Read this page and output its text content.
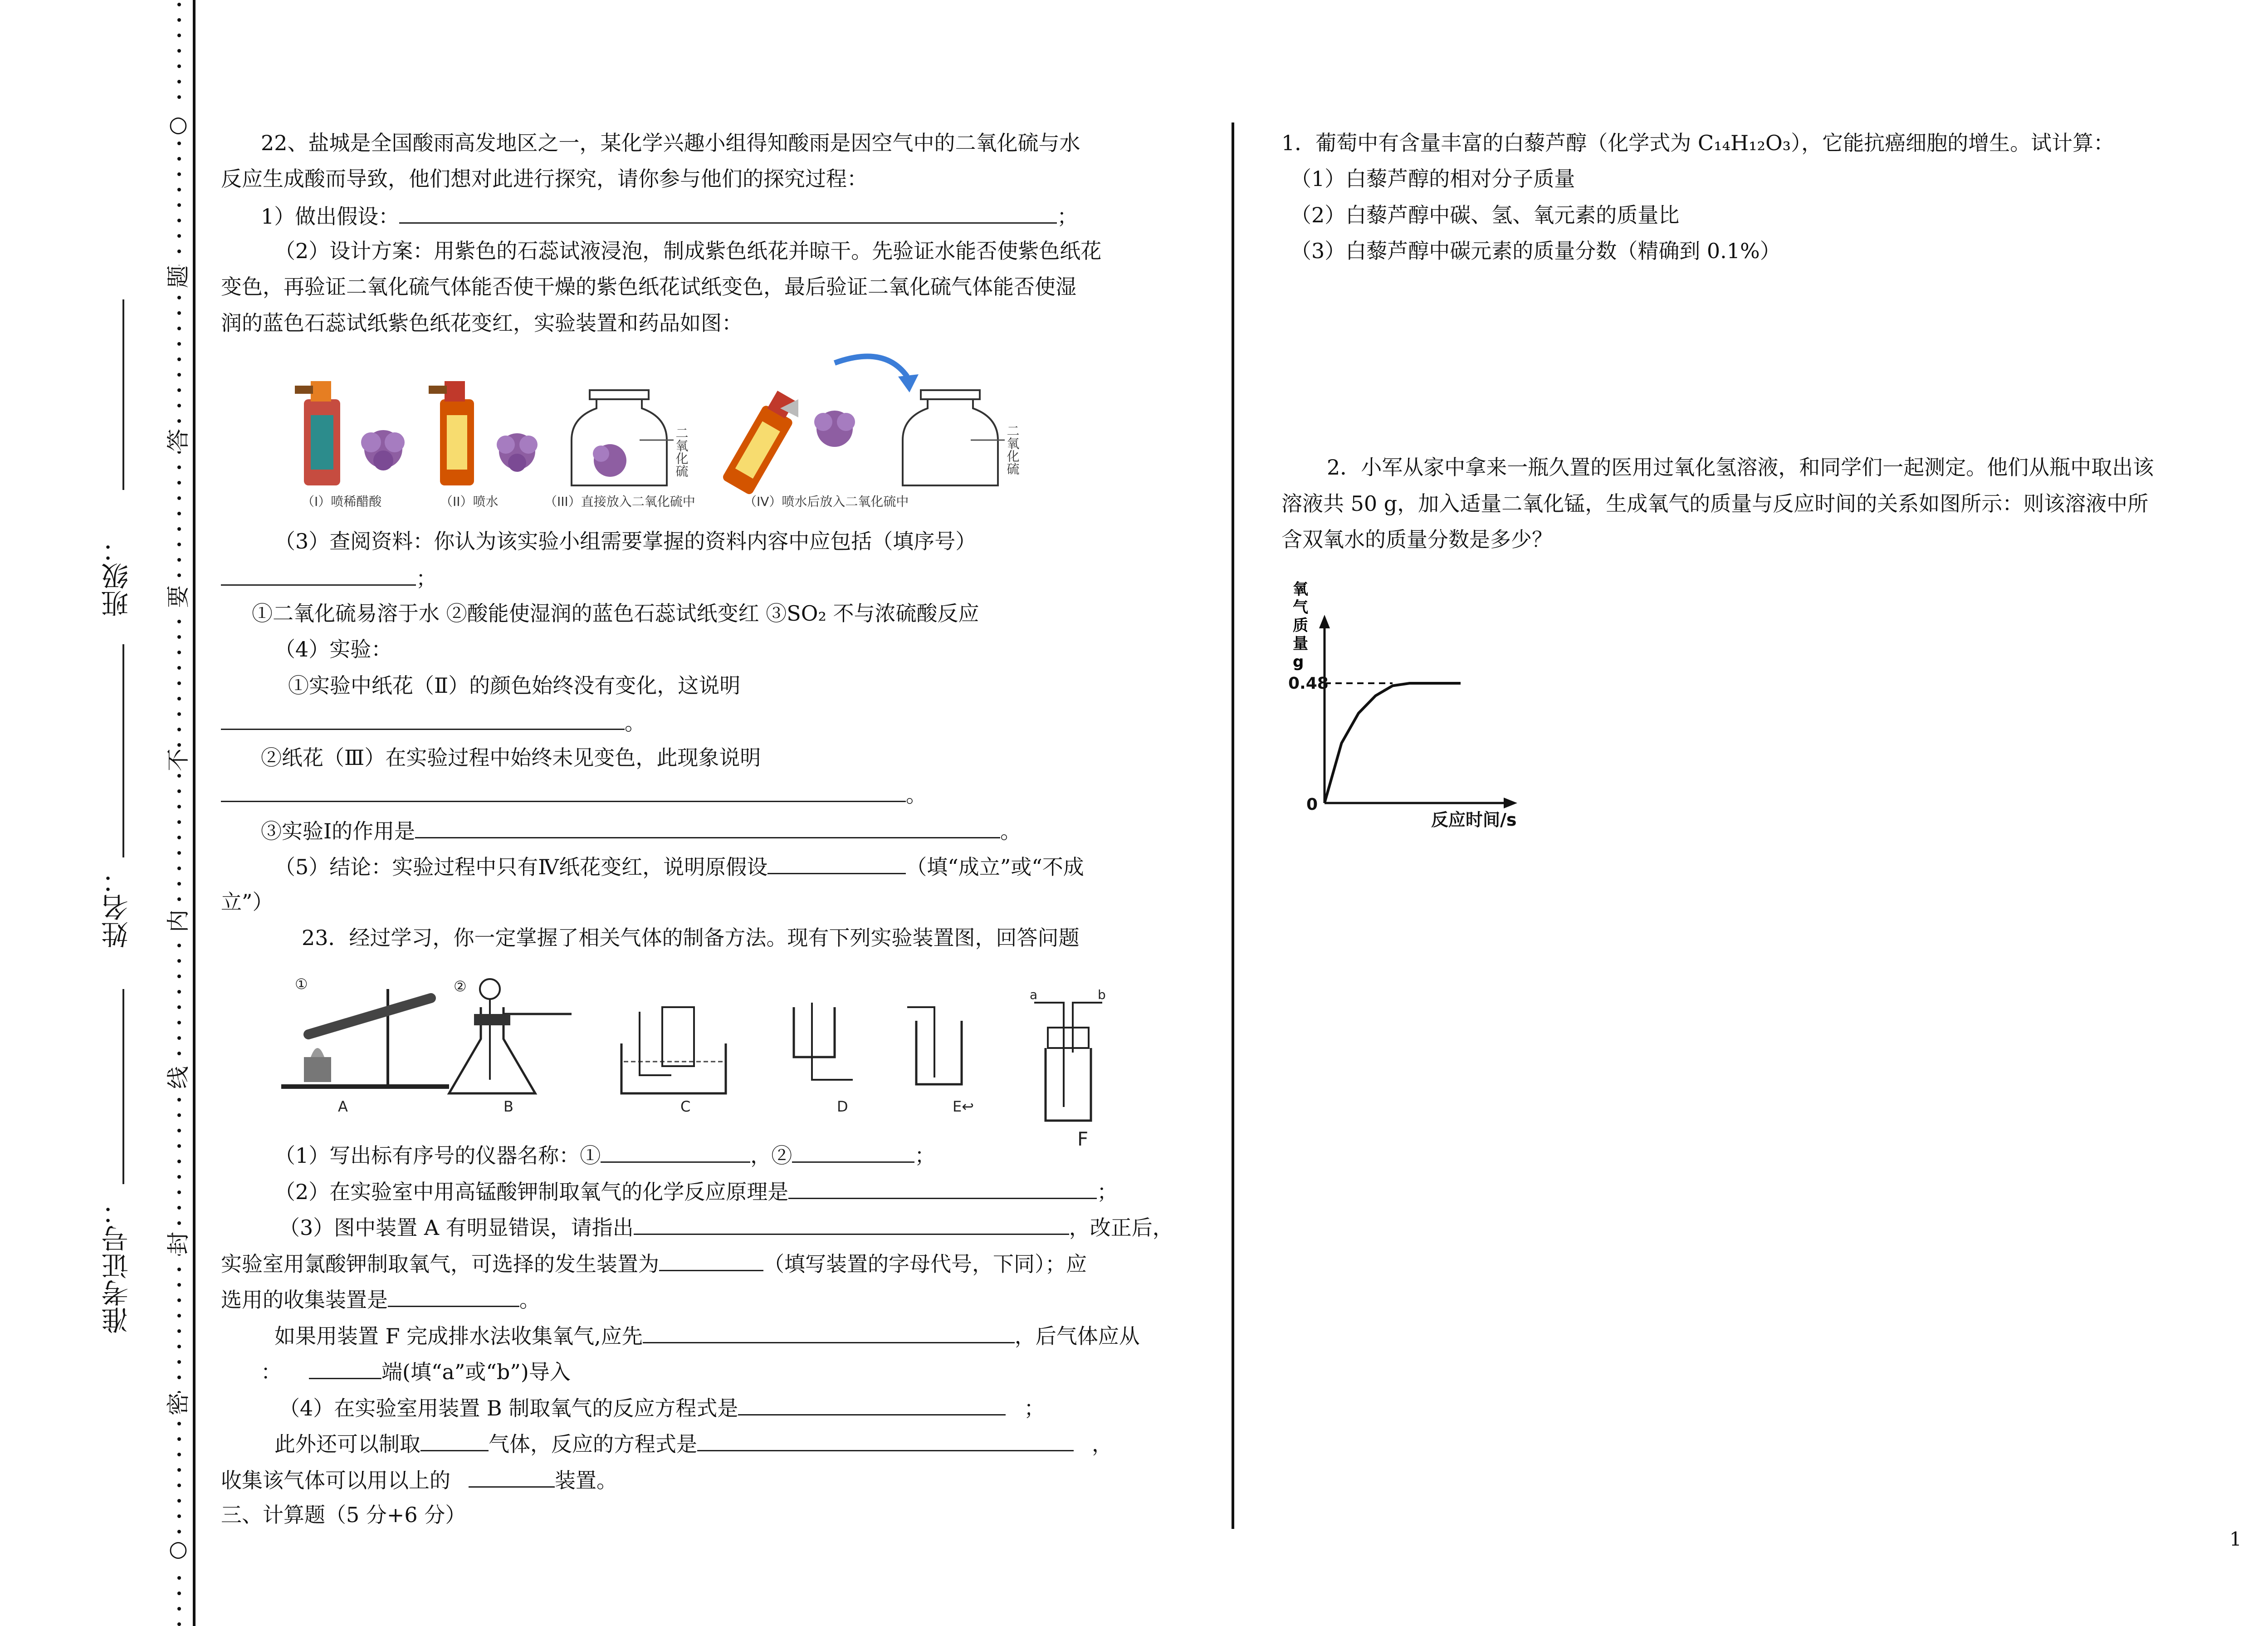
○
○
密
封
线
内
不
要
答
题
班级：
姓名：
准考证号：
22、盐城是全国酸雨高发地区之一，某化学兴趣小组得知酸雨是因空气中的二氧化硫与水
反应生成酸而导致，他们想对此进行探究，请你参与他们的探究过程：
1）做出假设：	；
（2）设计方案：用紫色的石蕊试液浸泡，制成紫色纸花并晾干。先验证水能否使紫色纸花
变色，再验证二氧化硫气体能否使干燥的紫色纸花试纸变色，最后验证二氧化硫气体能否使湿
润的蓝色石蕊试纸紫色纸花变红，实验装置和药品如图：
二氧化硫	二氧化硫
（I）喷稀醋酸	（II）喷水	（III）直接放入二氧化硫中	（IV）喷水后放入二氧化硫中
（3）查阅资料：你认为该实验小组需要掌握的资料内容中应包括（填序号）
；
①二氧化硫易溶于水 ②酸能使湿润的蓝色石蕊试纸变红 ③SO₂ 不与浓硫酸反应
（4）实验：
①实验中纸花（Ⅱ）的颜色始终没有变化，这说明
。
②纸花（Ⅲ）在实验过程中始终未见变色，此现象说明
。
③实验Ⅰ的作用是	。
（5）结论：实验过程中只有Ⅳ纸花变红，说明原假设	（填“成立”或“不成
立”）
23．经过学习，你一定掌握了相关气体的制备方法。现有下列实验装置图，回答问题
①	②	a	b
A	B	C	D	E↩
F
（1）写出标有序号的仪器名称：①	，②	；
（2）在实验室中用高锰酸钾制取氧气的化学反应原理是	；
（3）图中装置 A 有明显错误，请指出	，改正后，
实验室用氯酸钾制取氧气，可选择的发生装置为	（填写装置的字母代号，下同）；应
选用的收集装置是	。
如果用装置 F 完成排水法收集氧气,应先	，后气体应从
：	端(填“a”或“b”)导入
（4）在实验室用装置 B 制取氧气的反应方程式是	；
此外还可以制取	气体，反应的方程式是	，
收集该气体可以用以上的	装置。
三、计算题（5 分+6 分）
1．葡萄中有含量丰富的白藜芦醇（化学式为 C₁₄H₁₂O₃），它能抗癌细胞的增生。试计算：
（1）白藜芦醇的相对分子质量
（2）白藜芦醇中碳、氢、氧元素的质量比
（3）白藜芦醇中碳元素的质量分数（精确到 0.1%）
2．小军从家中拿来一瓶久置的医用过氧化氢溶液，和同学们一起测定。他们从瓶中取出该
溶液共 50 g，加入适量二氧化锰，生成氧气的质量与反应时间的关系如图所示：则该溶液中所
含双氧水的质量分数是多少？
氧
气
质
量
g
0.48
0
反应时间/s
1
